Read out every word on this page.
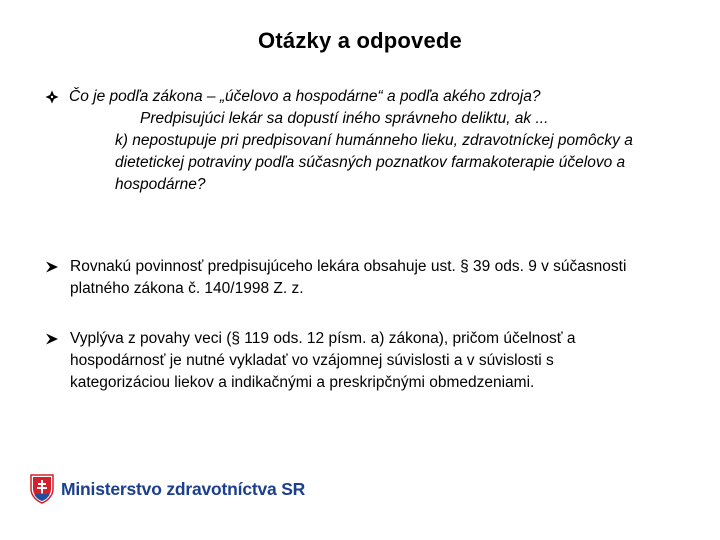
Otázky a odpovede
Čo je podľa zákona – „účelovo a hospodárne“ a podľa akého zdroja?
Predpisujúci lekár sa dopustí iného správneho deliktu, ak ...
k) nepostupuje pri predpisovaní humánneho lieku, zdravotníckej pomôcky a
dietetickej potraviny podľa súčasných poznatkov farmakoterapie účelovo a
hospodárne?
Rovnakú povinnosť predpisujúceho lekára obsahuje ust. § 39 ods. 9 v súčasnosti
platného zákona č. 140/1998 Z. z.
Vyplýva z povahy veci (§ 119 ods. 12 písm. a) zákona), pričom účelnosť a
hospodárnosť je nutné vykladať vo vzájomnej súvislosti a v súvislosti s
kategorizáciou liekov a indikačnými a preskripčnými obmedzeniami.
Ministerstvo zdravotníctva SR
